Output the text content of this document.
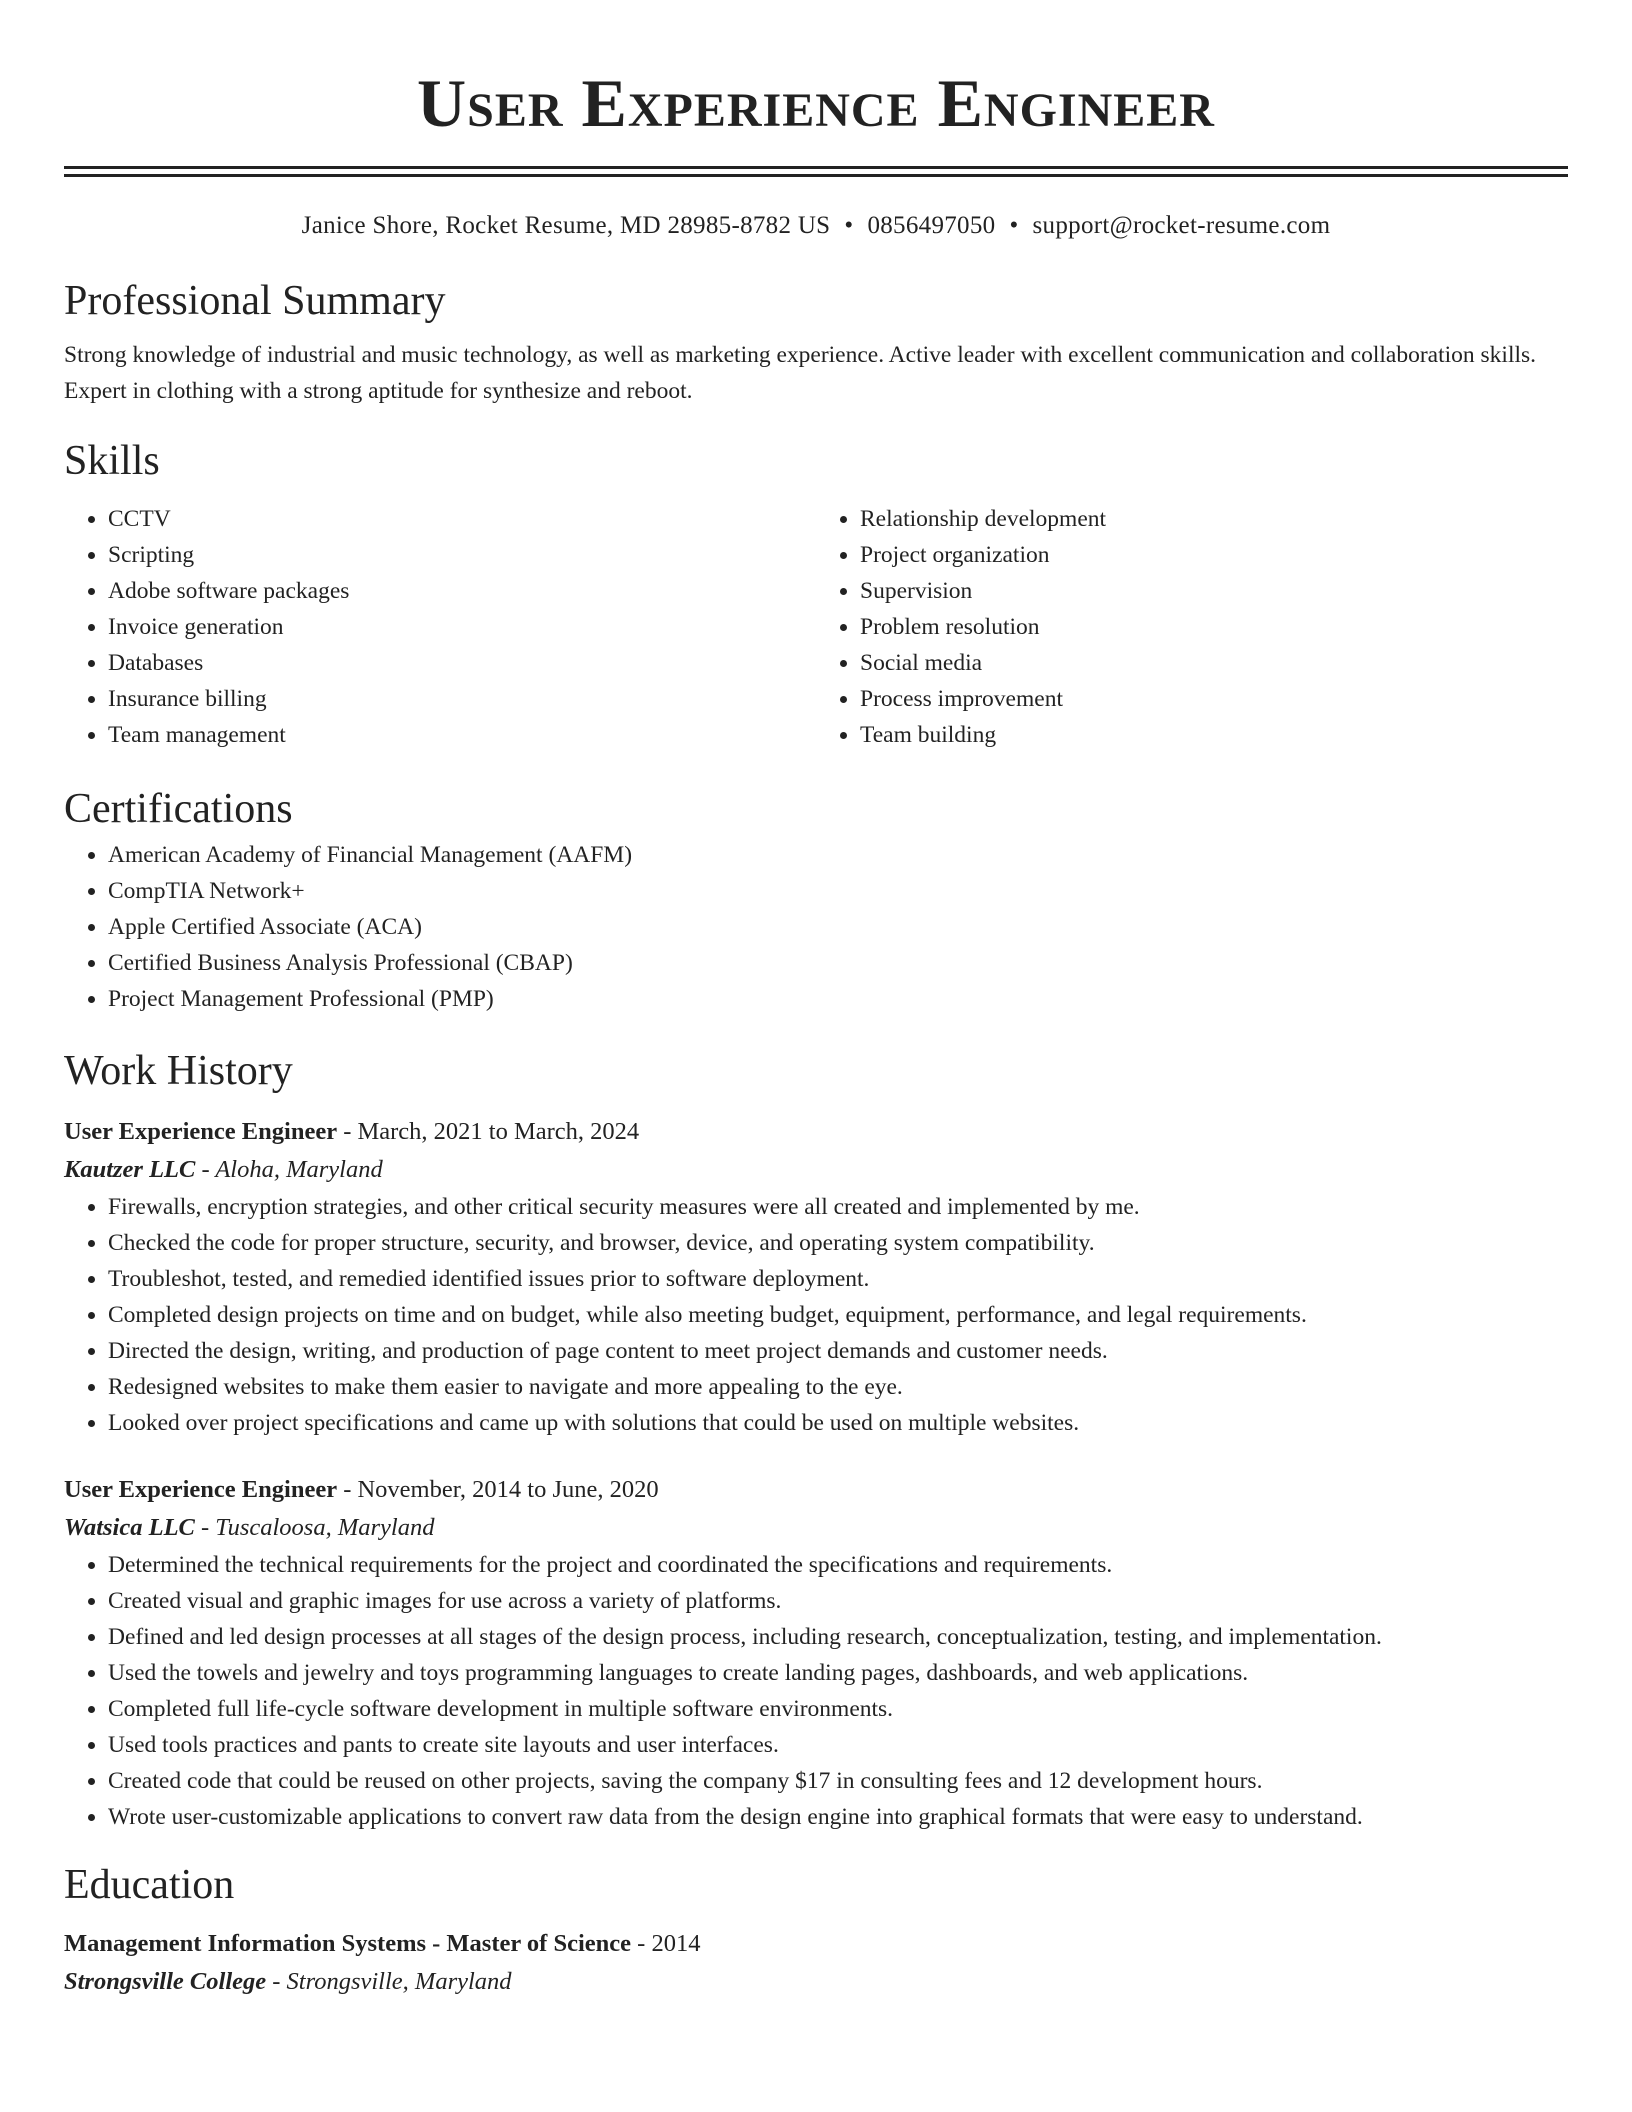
User Experience Engineer
Janice Shore, Rocket Resume, MD 28985-8782 US • 0856497050 • support@rocket-resume.com
Professional Summary

Strong knowledge of industrial and music technology, as well as marketing experience. Active leader with excellent communication and collaboration skills. Expert in clothing with a strong aptitude for synthesize and reboot.

Skills
• CCTV
• Scripting
• Adobe software packages
• Invoice generation
• Databases
• Insurance billing
• Team management
• Relationship development
• Project organization
• Supervision
• Problem resolution
• Social media
• Process improvement
• Team building
Certifications
• American Academy of Financial Management (AAFM)
• CompTIA Network+
• Apple Certified Associate (ACA)
• Certified Business Analysis Professional (CBAP)
• Project Management Professional (PMP)
Work History
User Experience Engineer - March, 2021 to March, 2024
Kautzer LLC - Aloha, Maryland
• Firewalls, encryption strategies, and other critical security measures were all created and implemented by me.
• Checked the code for proper structure, security, and browser, device, and operating system compatibility.
• Troubleshot, tested, and remedied identified issues prior to software deployment.
• Completed design projects on time and on budget, while also meeting budget, equipment, performance, and legal requirements.
• Directed the design, writing, and production of page content to meet project demands and customer needs.
• Redesigned websites to make them easier to navigate and more appealing to the eye.
• Looked over project specifications and came up with solutions that could be used on multiple websites.
User Experience Engineer - November, 2014 to June, 2020
Watsica LLC - Tuscaloosa, Maryland
• Determined the technical requirements for the project and coordinated the specifications and requirements.
• Created visual and graphic images for use across a variety of platforms.
• Defined and led design processes at all stages of the design process, including research, conceptualization, testing, and implementation.
• Used the towels and jewelry and toys programming languages to create landing pages, dashboards, and web applications.
• Completed full life-cycle software development in multiple software environments.
• Used tools practices and pants to create site layouts and user interfaces.
• Created code that could be reused on other projects, saving the company $17 in consulting fees and 12 development hours.
• Wrote user-customizable applications to convert raw data from the design engine into graphical formats that were easy to understand.
Education
Management Information Systems - Master of Science - 2014
Strongsville College - Strongsville, Maryland
